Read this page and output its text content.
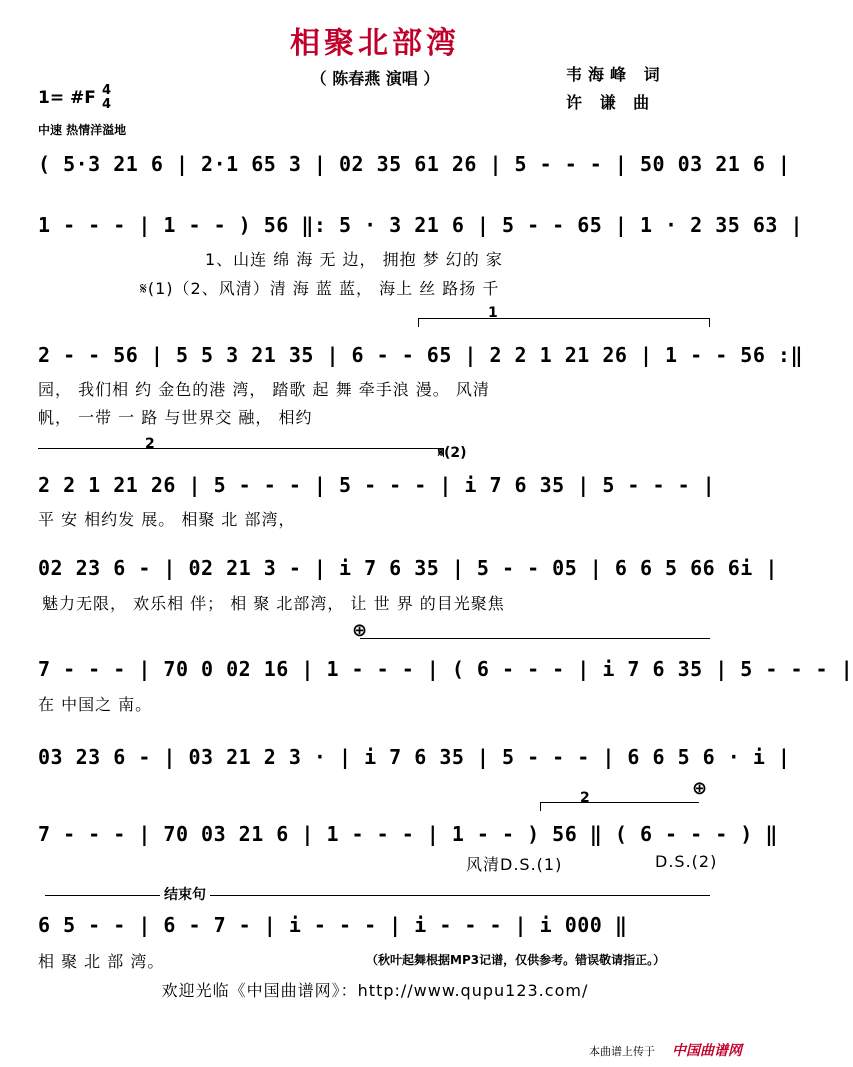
相聚北部湾
（ 陈春燕 演唱 ）	韦海峰 词
许 谦 曲
1= #F 4
4
中速 热情洋溢地
( 5·3 21 6 | 2·1 65 3 | 02 35 61 26 | 5 - - - | 50 03 21 6 |
1 - - - | 1 - - ) 56 ‖: 5 · 3 21 6 | 5 - - 65 | 1 · 2 35 63 |
1、山连 绵 海 无 边， 拥抱 梦 幻的 家
𝄋(1)（2、风清）清 海 蓝 蓝， 海上 丝 路扬 千
1
2 - - 56 | 5 5 3 21 35 | 6 - - 65 | 2 2 1 21 26 | 1 - - 56 :‖
园， 我们相 约 金色的港 湾， 踏歌 起 舞 牵手浪 漫。 风清
帆， 一带 一 路 与世界交 融， 相约
2
𝄋(2)
2 2 1 21 26 | 5 - - - | 5 - - - | i 7 6 35 | 5 - - - |
平 安 相约发 展。 相聚 北 部湾，
02 23 6 - | 02 21 3 - | i 7 6 35 | 5 - - 05 | 6 6 5 66 6i |
魅力无限， 欢乐相 伴； 相 聚 北部湾， 让 世 界 的目光聚焦
⊕
7 - - - | 70 0 02 16 | 1 - - - | ( 6 - - - | i 7 6 35 | 5 - - - |
在 中国之 南。
03 23 6 - | 03 21 2 3 · | i 7 6 35 | 5 - - - | 6 6 5 6 · i |
2	⊕
7 - - - | 70 03 21 6 | 1 - - - | 1 - - ) 56 ‖ ( 6 - - - ) ‖
风清D.S.(1)	D.S.(2)
结束句
6 5 - - | 6 - 7 - | i - - - | i - - - | i 000 ‖
相 聚 北 部 湾。	（秋叶起舞根据MP3记谱，仅供参考。错误敬请指正。）
欢迎光临《中国曲谱网》：http://www.qupu123.com/
本曲谱上传于 中国曲谱网
